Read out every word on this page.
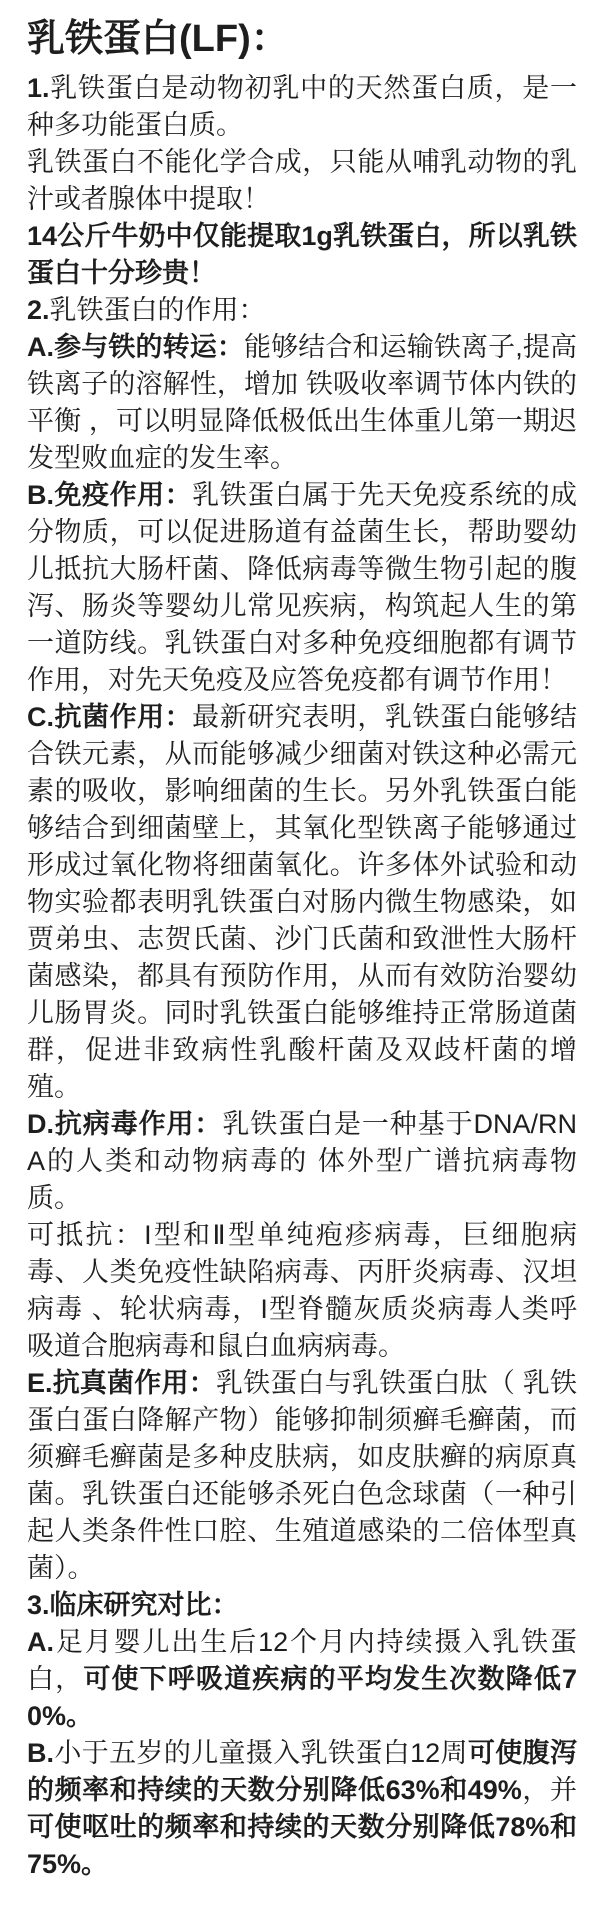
乳铁蛋白(LF)：

1.乳铁蛋白是动物初乳中的天然蛋白质，是一种多功能蛋白质。

乳铁蛋白不能化学合成，只能从哺乳动物的乳汁或者腺体中提取！

14公斤牛奶中仅能提取1g乳铁蛋白，所以乳铁蛋白十分珍贵！

2.乳铁蛋白的作用：

A.参与铁的转运：能够结合和运输铁离子,提高铁离子的溶解性，增加 铁吸收率调节体内铁的平衡 ，可以明显降低极低出生体重儿第一期迟发型败血症的发生率。

B.免疫作用：乳铁蛋白属于先天免疫系统的成分物质，可以促进肠道有益菌生长，帮助婴幼儿抵抗大肠杆菌、降低病毒等微生物引起的腹泻、肠炎等婴幼儿常见疾病，构筑起人生的第一道防线。乳铁蛋白对多种免疫细胞都有调节作用，对先天免疫及应答免疫都有调节作用！

C.抗菌作用：最新研究表明，乳铁蛋白能够结合铁元素，从而能够减少细菌对铁这种必需元素的吸收，影响细菌的生长。另外乳铁蛋白能够结合到细菌壁上，其氧化型铁离子能够通过形成过氧化物将细菌氧化。许多体外试验和动物实验都表明乳铁蛋白对肠内微生物感染，如贾弟虫、志贺氏菌、沙门氏菌和致泄性大肠杆菌感染，都具有预防作用，从而有效防治婴幼儿肠胃炎。同时乳铁蛋白能够维持正常肠道菌群，促进非致病性乳酸杆菌及双歧杆菌的增殖。

D.抗病毒作用：乳铁蛋白是一种基于DNA/RNA的人类和动物病毒的 体外型广谱抗病毒物质。

可抵抗：I型和Ⅱ型单纯疱疹病毒，巨细胞病毒、人类免疫性缺陷病毒、丙肝炎病毒、汉坦病毒 、轮状病毒，I型脊髓灰质炎病毒人类呼吸道合胞病毒和鼠白血病病毒。

E.抗真菌作用：乳铁蛋白与乳铁蛋白肽（ 乳铁蛋白蛋白降解产物）能够抑制须癣毛癣菌，而须癣毛癣菌是多种皮肤病，如皮肤癣的病原真菌。乳铁蛋白还能够杀死白色念球菌（一种引起人类条件性口腔、生殖道感染的二倍体型真菌）。

3.临床研究对比：

A.足月婴儿出生后12个月内持续摄入乳铁蛋白，可使下呼吸道疾病的平均发生次数降低70%。

B.小于五岁的儿童摄入乳铁蛋白12周可使腹泻的频率和持续的天数分别降低63%和49%，并可使呕吐的频率和持续的天数分别降低78%和75%。
